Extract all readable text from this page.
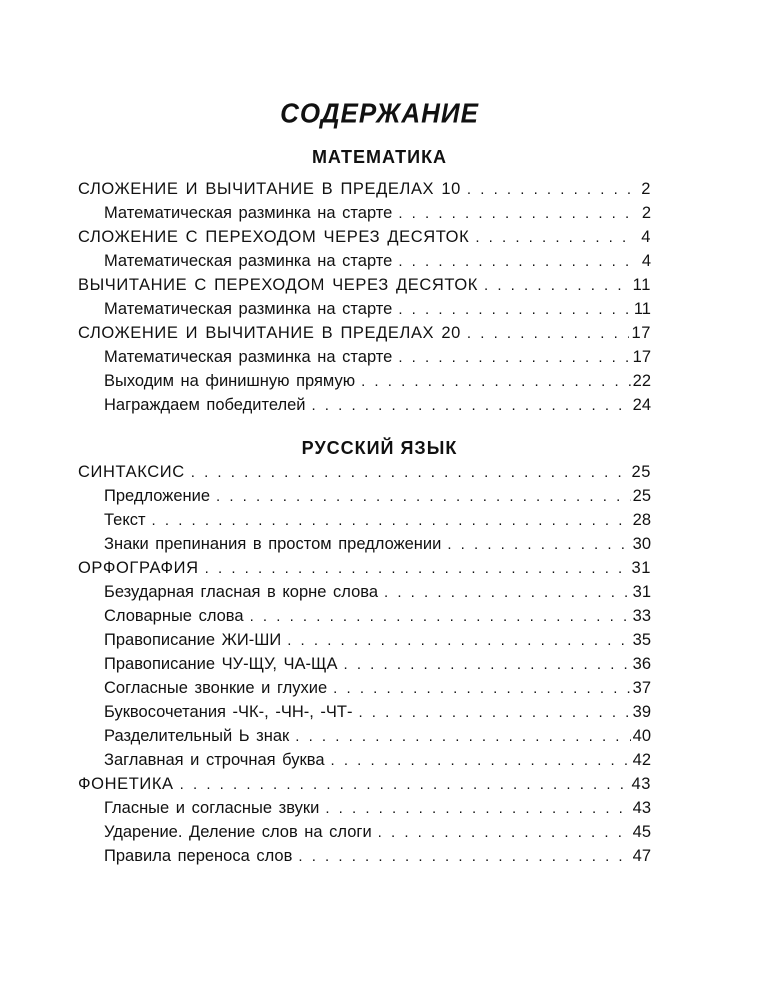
СОДЕРЖАНИЕ
МАТЕМАТИКА
СЛОЖЕНИЕ И ВЫЧИТАНИЕ В ПРЕДЕЛАХ 10 . . .	2
Математическая разминка на старте . . .	2
СЛОЖЕНИЕ С ПЕРЕХОДОМ ЧЕРЕЗ ДЕСЯТОК . . .	4
Математическая разминка на старте . . .	4
ВЫЧИТАНИЕ С ПЕРЕХОДОМ ЧЕРЕЗ ДЕСЯТОК . . .	11
Математическая разминка на старте . . .	11
СЛОЖЕНИЕ И ВЫЧИТАНИЕ В ПРЕДЕЛАХ 20 . . .	17
Математическая разминка на старте . . .	17
Выходим на финишную прямую . . .	22
Награждаем победителей . . .	24
РУССКИЙ ЯЗЫК
СИНТАКСИС . . .	25
Предложение . . .	25
Текст . . .	28
Знаки препинания в простом предложении . . .	30
ОРФОГРАФИЯ . . .	31
Безударная гласная в корне слова . . .	31
Словарные слова . . .	33
Правописание ЖИ-ШИ . . .	35
Правописание ЧУ-ЩУ, ЧА-ЩА . . .	36
Согласные звонкие и глухие . . .	37
Буквосочетания -ЧК-, -ЧН-, -ЧТ- . . .	39
Разделительный Ь знак . . .	40
Заглавная и строчная буква . . .	42
ФОНЕТИКА . . .	43
Гласные и согласные звуки . . .	43
Ударение. Деление слов на слоги . . .	45
Правила переноса слов . . .	47
